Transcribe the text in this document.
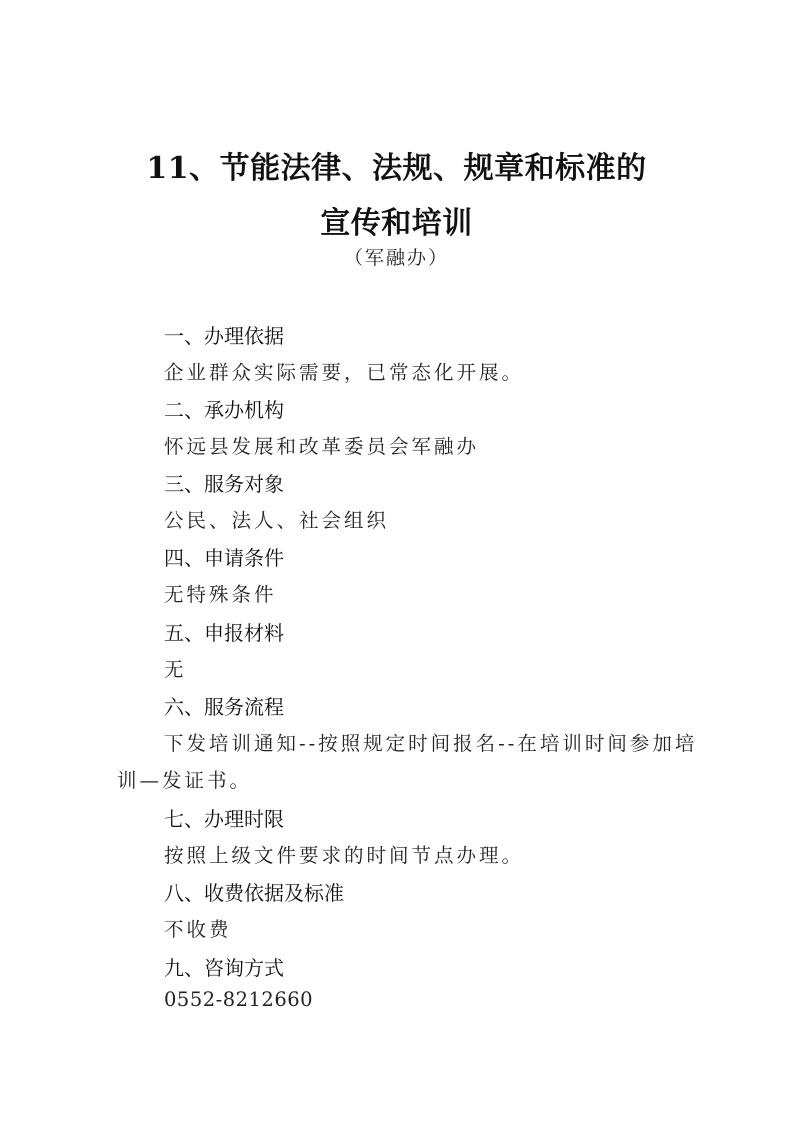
11、节能法律、法规、规章和标准的
宣传和培训
（军融办）
一、办理依据
企业群众实际需要，已常态化开展。
二、承办机构
怀远县发展和改革委员会军融办
三、服务对象
公民、法人、社会组织
四、申请条件
无特殊条件
五、申报材料
无
六、服务流程
下发培训通知--按照规定时间报名--在培训时间参加培
训—发证书。
七、办理时限
按照上级文件要求的时间节点办理。
八、收费依据及标准
不收费
九、咨询方式
0552-8212660
